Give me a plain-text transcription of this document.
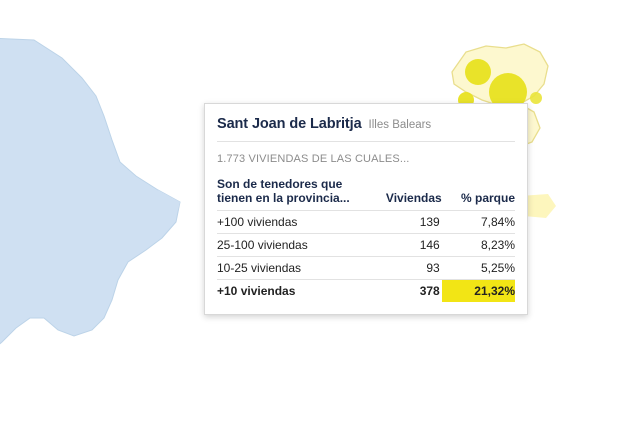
Sant Joan de Labritja Illes Balears
1.773 VIVIENDAS DE LAS CUALES...
Son de tenedores que tienen en la provincia...	Viviendas	% parque
+100 viviendas	139	7,84%
25-100 viviendas	146	8,23%
10-25 viviendas	93	5,25%
+10 viviendas	378	21,32%
